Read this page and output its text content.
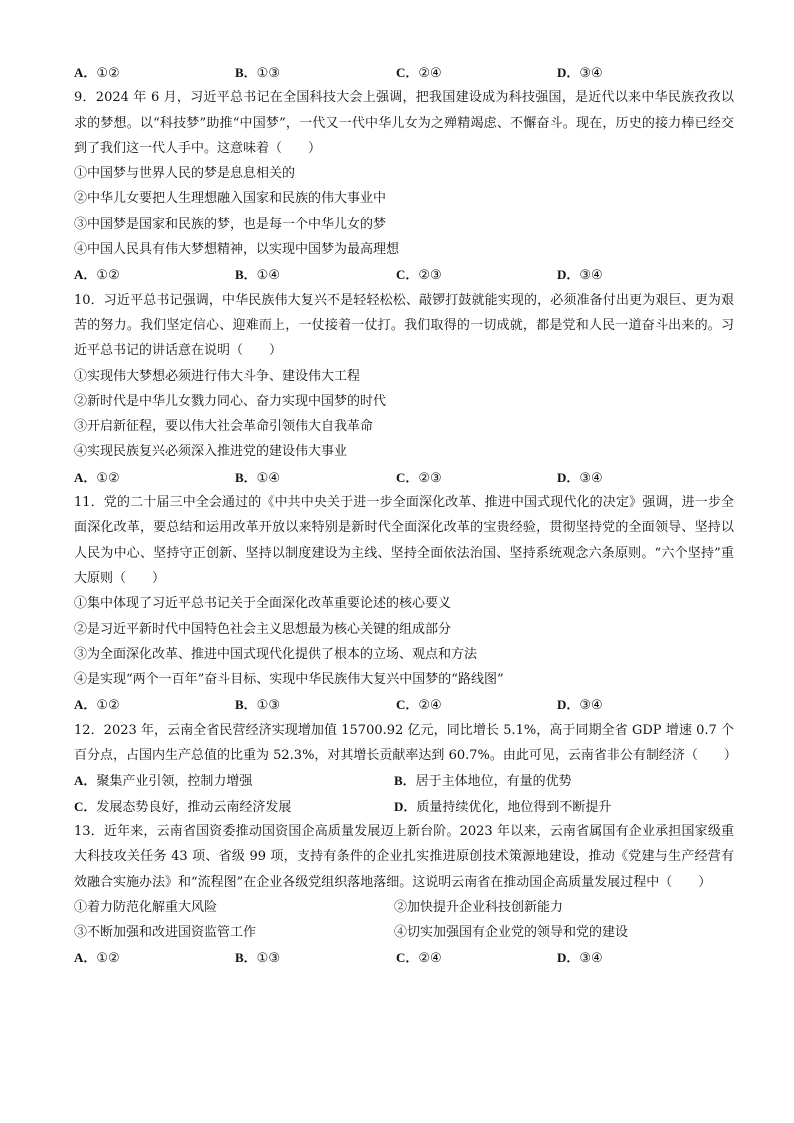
A．①②	B．①③	C．②④	D．③④
9．2024 年 6 月，习近平总书记在全国科技大会上强调，把我国建设成为科技强国，是近代以来中华民族孜孜以求的梦想。以“科技梦”助推“中国梦”，一代又一代中华儿女为之殚精竭虑、不懈奋斗。现在，历史的接力棒已经交到了我们这一代人手中。这意味着（　　）
①中国梦与世界人民的梦是息息相关的
②中华儿女要把人生理想融入国家和民族的伟大事业中
③中国梦是国家和民族的梦，也是每一个中华儿女的梦
④中国人民具有伟大梦想精神，以实现中国梦为最高理想
A．①②	B．①④	C．②③	D．③④
10．习近平总书记强调，中华民族伟大复兴不是轻轻松松、敲锣打鼓就能实现的，必须准备付出更为艰巨、更为艰苦的努力。我们坚定信心、迎难而上，一仗接着一仗打。我们取得的一切成就，都是党和人民一道奋斗出来的。习近平总书记的讲话意在说明（　　）
①实现伟大梦想必须进行伟大斗争、建设伟大工程
②新时代是中华儿女戮力同心、奋力实现中国梦的时代
③开启新征程，要以伟大社会革命引领伟大自我革命
④实现民族复兴必须深入推进党的建设伟大事业
A．①②	B．①④	C．②③	D．③④
11．党的二十届三中全会通过的《中共中央关于进一步全面深化改革、推进中国式现代化的决定》强调，进一步全面深化改革，要总结和运用改革开放以来特别是新时代全面深化改革的宝贵经验，贯彻坚持党的全面领导、坚持以人民为中心、坚持守正创新、坚持以制度建设为主线、坚持全面依法治国、坚持系统观念六条原则。“六个坚持”重大原则（　　）
①集中体现了习近平总书记关于全面深化改革重要论述的核心要义
②是习近平新时代中国特色社会主义思想最为核心关键的组成部分
③为全面深化改革、推进中国式现代化提供了根本的立场、观点和方法
④是实现“两个一百年”奋斗目标、实现中华民族伟大复兴中国梦的“路线图”
A．①②	B．①③	C．②④	D．③④
12．2023 年，云南全省民营经济实现增加值 15700.92 亿元，同比增长 5.1%，高于同期全省 GDP 增速 0.7 个百分点，占国内生产总值的比重为 52.3%，对其增长贡献率达到 60.7%。由此可见，云南省非公有制经济（　　）
A．聚集产业引领，控制力增强	B．居于主体地位，有量的优势
C．发展态势良好，推动云南经济发展	D．质量持续优化，地位得到不断提升
13．近年来，云南省国资委推动国资国企高质量发展迈上新台阶。2023 年以来，云南省属国有企业承担国家级重大科技攻关任务 43 项、省级 99 项，支持有条件的企业扎实推进原创技术策源地建设，推动《党建与生产经营有效融合实施办法》和“流程图”在企业各级党组织落地落细。这说明云南省在推动国企高质量发展过程中（　　）
①着力防范化解重大风险	②加快提升企业科技创新能力
③不断加强和改进国资监管工作	④切实加强国有企业党的领导和党的建设
A．①②	B．①③	C．②④	D．③④
